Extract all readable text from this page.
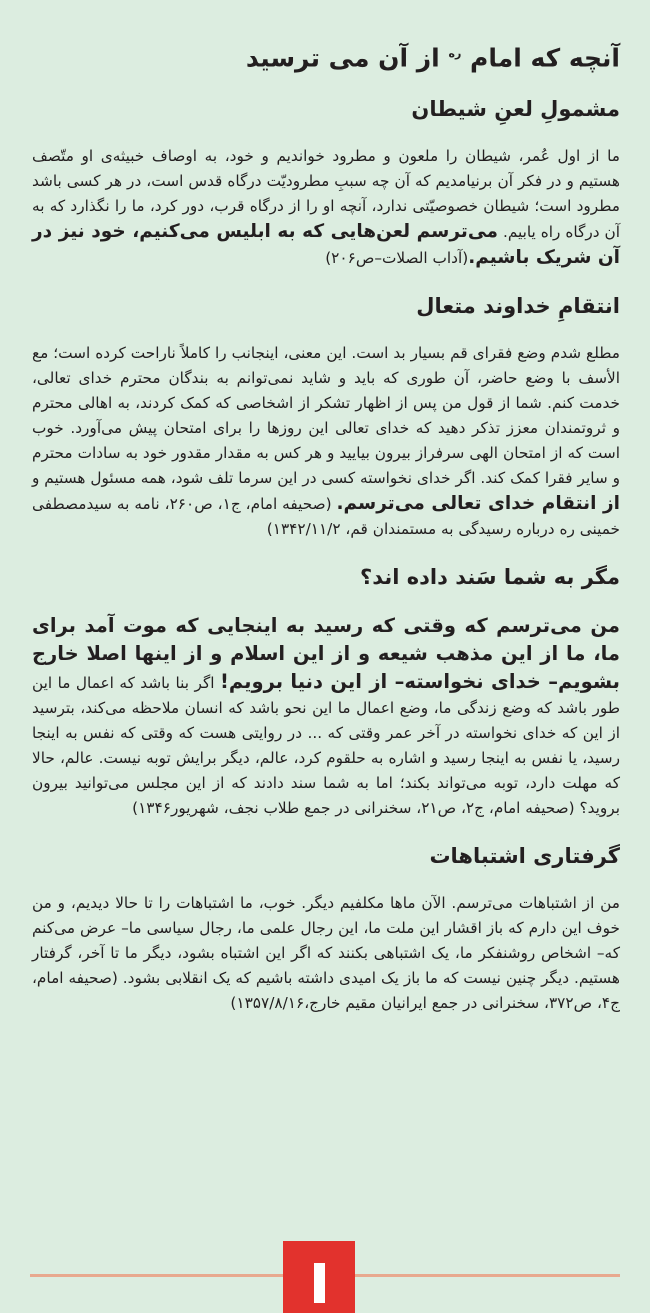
آنچه که امام $^{ره}$ از آن می ترسید
مشمولِ لعنِ شیطان
ما از اول عُمر، شیطان را ملعون و مطرود خواندیم و خود، به اوصاف خبیثه‌ی او متّصف هستیم و در فکر آن برنیامدیم که آن چه سببِ مطرودیّت درگاه قدس است، در هر کسی باشد مطرود است؛ شیطان خصوصیّتی ندارد، آنچه او را از درگاه قرب، دور کرد، ما را نگذارد که به آن درگاه راه یابیم. می‌ترسم لعن‌هایی که به ابلیس می‌کنیم، خود نیز در آن شریک باشیم.(آداب الصلات–ص۲۰۶)
انتقامِ خداوند متعال
مطلع شدم وضع فقرای قم بسیار بد است. این معنی، اینجانب را کاملاً ناراحت کرده است؛ مع الأسف با وضع حاضر، آن طوری که باید و شاید نمی‌توانم به بندگان محترم خدای تعالی، خدمت کنم. شما از قول من پس از اظهار تشکر از اشخاصی که کمک کردند، به اهالی محترم و ثروتمندان معزز تذکر دهید که خدای تعالی این روزها را برای امتحان پیش می‌آورد. خوب است که از امتحان الهی سرفراز بیرون بیایید و هر کس به مقدار مقدور خود به سادات محترم و سایر فقرا کمک کند. اگر خدای نخواسته کسی در این سرما تلف شود، همه مسئول هستیم و از انتقام خدای تعالی می‌ترسم. (صحیفه امام، ج۱، ص۲۶۰، نامه به سیدمصطفی خمینی ره درباره رسیدگی به مستمندان قم، ۱۳۴۲/۱۱/۲)
مگر به شما سَند داده اند؟
من می‌ترسم که وقتی که رسید به اینجایی که موت آمد برای ما، ما از این مذهب شیعه و از این اسلام و از اینها اصلا خارج بشویم– خدای نخواسته– از این دنیا برویم! اگر بنا باشد که اعمال ما این طور باشد که وضع زندگی ما، وضع اعمال ما این نحو باشد که انسان ملاحظه می‌کند، بترسید از این که خدای نخواسته در آخر عمر وقتی که ... در روایتی هست که وقتی که نفس به اینجا رسید، یا نفس به اینجا رسید و اشاره به حلقوم کرد، عالم، دیگر برایش توبه نیست. عالم، حالا که مهلت دارد، توبه می‌تواند بکند؛ اما به شما سند دادند که از این مجلس می‌توانید بیرون بروید؟ (صحیفه امام، ج۲، ص۲۱، سخنرانی در جمع طلاب نجف، شهریور۱۳۴۶)
گرفتاری اشتباهات
من از اشتباهات می‌ترسم. الآن ماها مکلفیم دیگر. خوب، ما اشتباهات را تا حالا دیدیم، و من خوف این دارم که باز اقشار این ملت ما، این رجال علمی ما، رجال سیاسی ما– عرض می‌کنم که– اشخاص روشنفکر ما، یک اشتباهی بکنند که اگر این اشتباه بشود، دیگر ما تا آخر، گرفتار هستیم. دیگر چنین نیست که ما باز یک امیدی داشته باشیم که یک انقلابی بشود. (صحیفه امام، ج۴، ص۳۷۲، سخنرانی در جمع ایرانیان مقیم خارج،۱۳۵۷/۸/۱۶)
